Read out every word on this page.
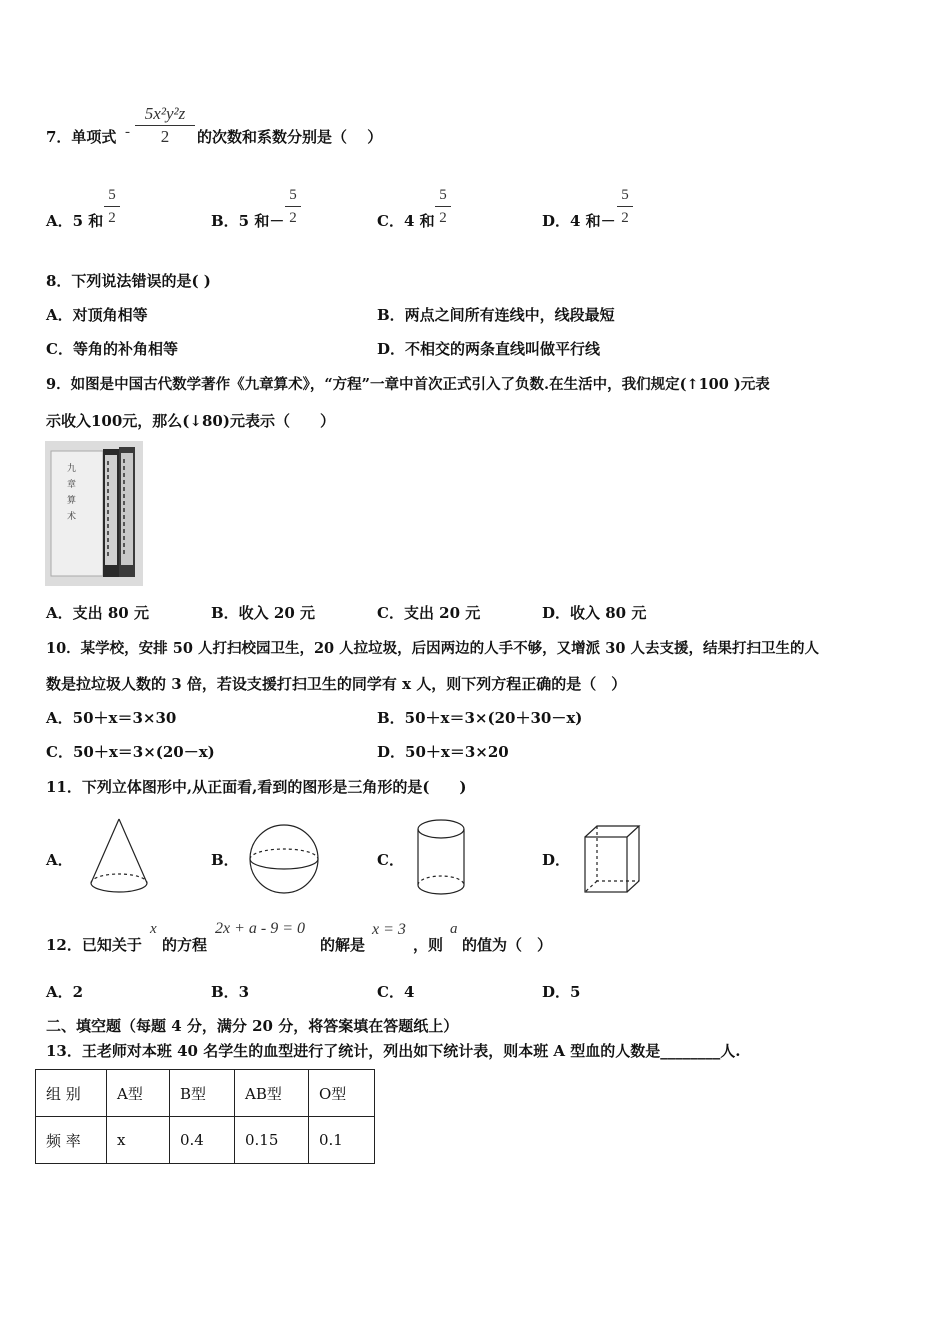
7．单项式 -
5x²y²z
2	的次数和系数分别是（　 ）
A．5 和
5
2	B．5 和－
5
2	C．4 和
5
2	D．4 和－
5
2
8．下列说法错误的是( )
A．对顶角相等	B．两点之间所有连线中，线段最短
C．等角的补角相等	D．不相交的两条直线叫做平行线
9．如图是中国古代数学著作《九章算术》，“方程”一章中首次正式引入了负数.在生活中，我们规定(↑100 )元表
示收入100元，那么(↓80)元表示（　　）
九
章
算
术
A．支出 80 元	B．收入 20 元	C．支出 20 元	D．收入 80 元
10．某学校，安排 50 人打扫校园卫生，20 人拉垃圾，后因两边的人手不够，又增派 30 人去支援，结果打扫卫生的人
数是拉垃圾人数的 3 倍，若设支援打扫卫生的同学有 x 人，则下列方程正确的是（　）
A．50＋x＝3×30	B．50＋x＝3×(20＋30－x)
C．50＋x＝3×(20－x)	D．50＋x＝3×20
11．下列立体图形中,从正面看,看到的图形是三角形的是(　　)
A．	B．	C．	D．
12．已知关于
x
的方程
2x + a - 9 = 0
的解是
x = 3
，则
a
的值为（　）
A．2	B．3	C．4	D．5
二、填空题（每题 4 分，满分 20 分，将答案填在答题纸上）
13．王老师对本班 40 名学生的血型进行了统计，列出如下统计表，则本班 A 型血的人数是________人.
组 别	A型	B型	AB型	O型
频 率	x	0.4	0.15	0.1
